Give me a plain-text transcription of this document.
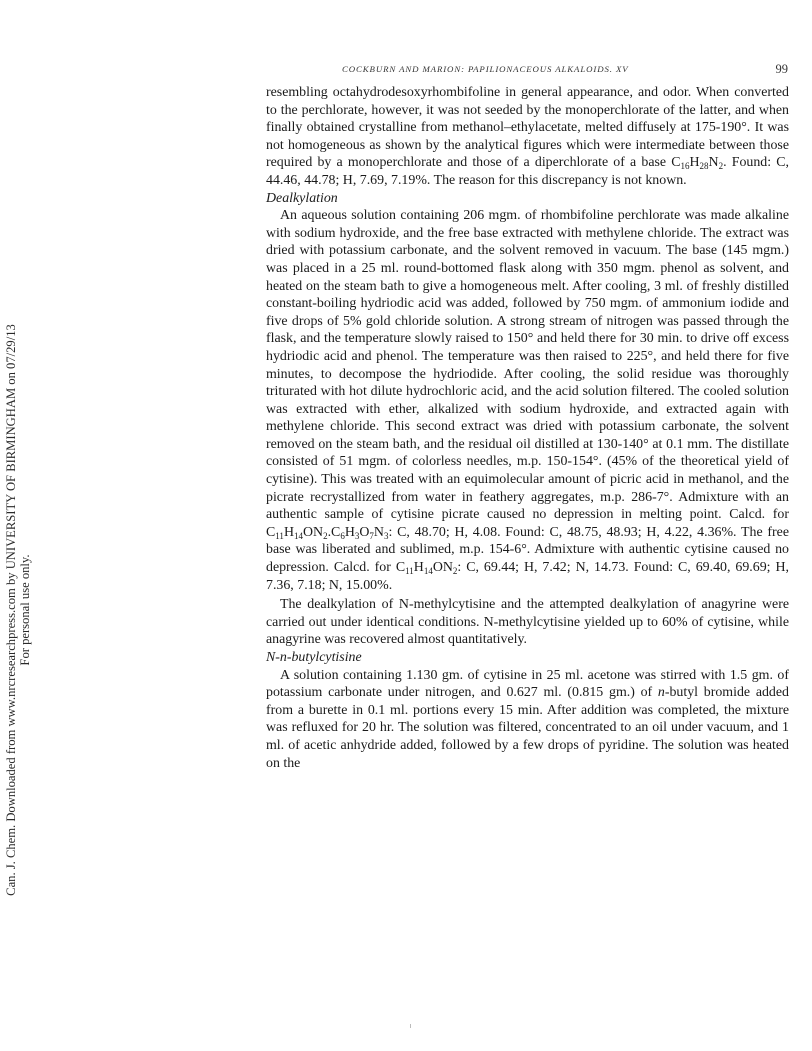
Can. J. Chem. Downloaded from www.nrcresearchpress.com by UNIVERSITY OF BIRMINGHAM on 07/29/13 For personal use only.
COCKBURN AND MARION: PAPILIONACEOUS ALKALOIDS. XV	99

resembling octahydrodesoxyrhombifoline in general appearance, and odor. When converted to the perchlorate, however, it was not seeded by the monoperchlorate of the latter, and when finally obtained crystalline from methanol–ethylacetate, melted diffusely at 175-190°. It was not homogeneous as shown by the analytical figures which were intermediate between those required by a monoperchlorate and those of a diperchlorate of a base $C_{16}H_{28}N_2$. Found: C, 44.46, 44.78; H, 7.69, 7.19%. The reason for this discrepancy is not known.

Dealkylation

An aqueous solution containing 206 mgm. of rhombifoline perchlorate was made alkaline with sodium hydroxide, and the free base extracted with methylene chloride. The extract was dried with potassium carbonate, and the solvent removed in vacuum. The base (145 mgm.) was placed in a 25 ml. round-bottomed flask along with 350 mgm. phenol as solvent, and heated on the steam bath to give a homogeneous melt. After cooling, 3 ml. of freshly distilled constant-boiling hydriodic acid was added, followed by 750 mgm. of ammonium iodide and five drops of 5% gold chloride solution. A strong stream of nitrogen was passed through the flask, and the temperature slowly raised to 150° and held there for 30 min. to drive off excess hydriodic acid and phenol. The temperature was then raised to 225°, and held there for five minutes, to decompose the hydriodide. After cooling, the solid residue was thoroughly triturated with hot dilute hydrochloric acid, and the acid solution filtered. The cooled solution was extracted with ether, alkalized with sodium hydroxide, and extracted again with methylene chloride. This second extract was dried with potassium carbonate, the solvent removed on the steam bath, and the residual oil distilled at 130-140° at 0.1 mm. The distillate consisted of 51 mgm. of colorless needles, m.p. 150-154°. (45% of the theoretical yield of cytisine). This was treated with an equimolecular amount of picric acid in methanol, and the picrate recrystallized from water in feathery aggregates, m.p. 286-7°. Admixture with an authentic sample of cytisine picrate caused no depression in melting point. Calcd. for $C_{11}H_{14}ON_2.C_6H_3O_7N_3$: C, 48.70; H, 4.08. Found: C, 48.75, 48.93; H, 4.22, 4.36%. The free base was liberated and sublimed, m.p. 154-6°. Admixture with authentic cytisine caused no depression. Calcd. for $C_{11}H_{14}ON_2$: C, 69.44; H, 7.42; N, 14.73. Found: C, 69.40, 69.69; H, 7.36, 7.18; N, 15.00%.

The dealkylation of N-methylcytisine and the attempted dealkylation of anagyrine were carried out under identical conditions. N-methylcytisine yielded up to 60% of cytisine, while anagyrine was recovered almost quantitatively.

N-n-butylcytisine

A solution containing 1.130 gm. of cytisine in 25 ml. acetone was stirred with 1.5 gm. of potassium carbonate under nitrogen, and 0.627 ml. (0.815 gm.) of n-butyl bromide added from a burette in 0.1 ml. portions every 15 min. After addition was completed, the mixture was refluxed for 20 hr. The solution was filtered, concentrated to an oil under vacuum, and 1 ml. of acetic anhydride added, followed by a few drops of pyridine. The solution was heated on the
